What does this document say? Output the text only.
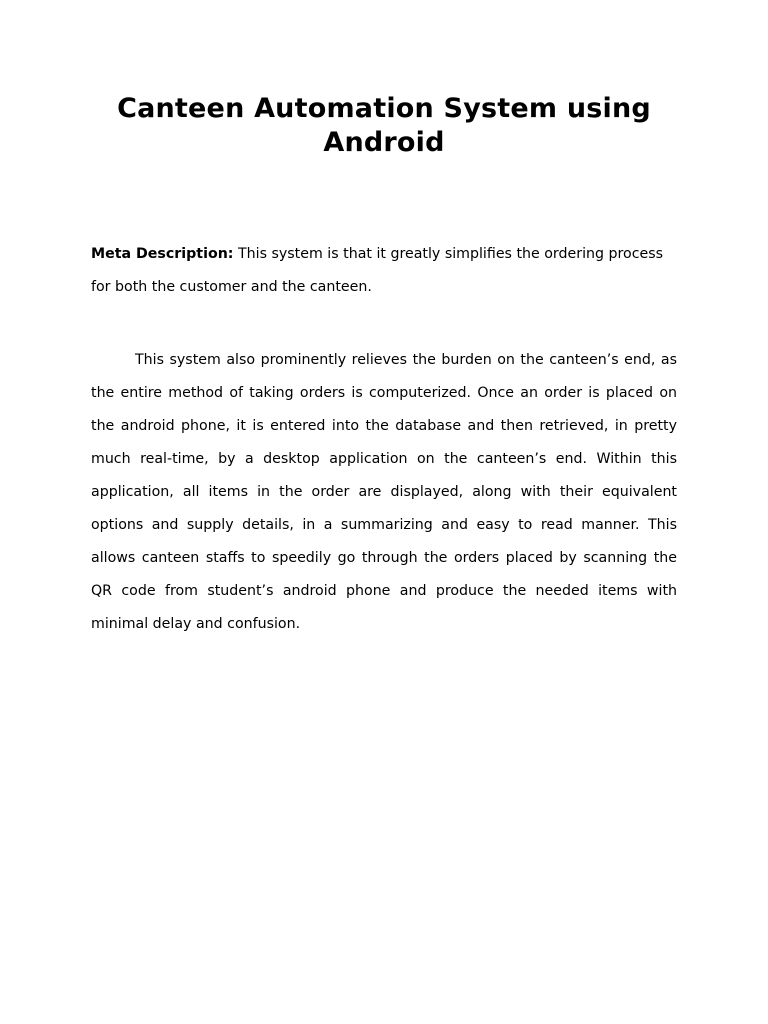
Canteen Automation System using
Android

Meta Description: This system is that it greatly simplifies the ordering process for both the customer and the canteen.

This system also prominently relieves the burden on the canteen’s end, as the entire method of taking orders is computerized. Once an order is placed on the android phone, it is entered into the database and then retrieved, in pretty much real-time, by a desktop application on the canteen’s end. Within this application, all items in the order are displayed, along with their equivalent options and supply details, in a summarizing and easy to read manner. This allows canteen staffs to speedily go through the orders placed by scanning the QR code from student’s android phone and produce the needed items with minimal delay and confusion.
